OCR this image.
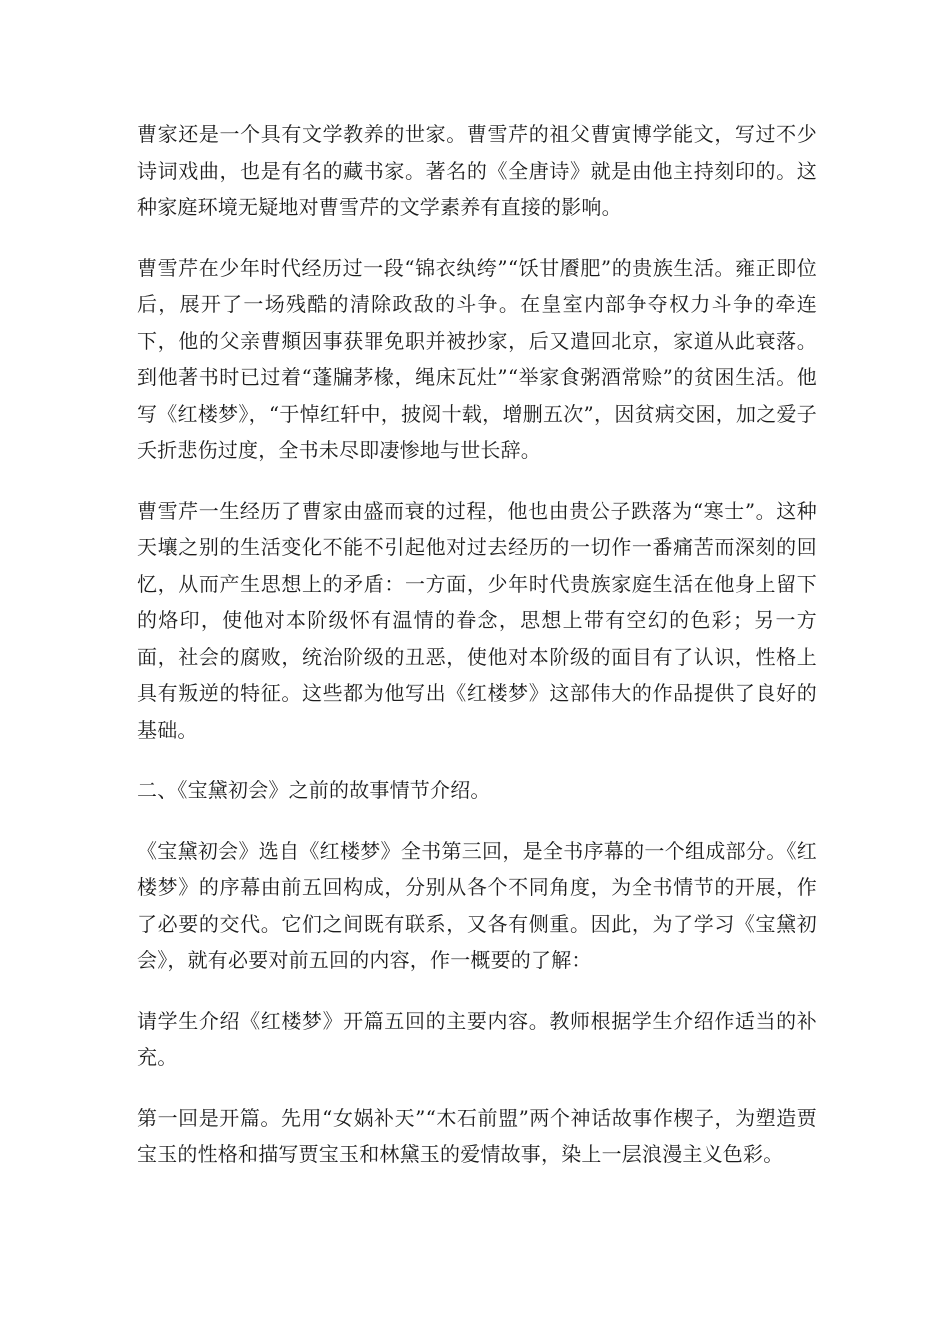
曹家还是一个具有文学教养的世家。曹雪芹的祖父曹寅博学能文，写过不少诗词戏曲，也是有名的藏书家。著名的《全唐诗》就是由他主持刻印的。这种家庭环境无疑地对曹雪芹的文学素养有直接的影响。

曹雪芹在少年时代经历过一段“锦衣纨绔”“饫甘餍肥”的贵族生活。雍正即位后，展开了一场残酷的清除政敌的斗争。在皇室内部争夺权力斗争的牵连下，他的父亲曹頫因事获罪免职并被抄家，后又遣回北京，家道从此衰落。到他著书时已过着“蓬牖茅椽，绳床瓦灶”“举家食粥酒常赊”的贫困生活。他写《红楼梦》，“于悼红轩中，披阅十载，增删五次”，因贫病交困，加之爱子夭折悲伤过度，全书未尽即凄惨地与世长辞。

曹雪芹一生经历了曹家由盛而衰的过程，他也由贵公子跌落为“寒士”。这种天壤之别的生活变化不能不引起他对过去经历的一切作一番痛苦而深刻的回忆，从而产生思想上的矛盾：一方面，少年时代贵族家庭生活在他身上留下的烙印，使他对本阶级怀有温情的眷念，思想上带有空幻的色彩；另一方面，社会的腐败，统治阶级的丑恶，使他对本阶级的面目有了认识，性格上具有叛逆的特征。这些都为他写出《红楼梦》这部伟大的作品提供了良好的基础。

二、《宝黛初会》之前的故事情节介绍。

《宝黛初会》选自《红楼梦》全书第三回，是全书序幕的一个组成部分。《红楼梦》的序幕由前五回构成，分别从各个不同角度，为全书情节的开展，作了必要的交代。它们之间既有联系，又各有侧重。因此，为了学习《宝黛初会》，就有必要对前五回的内容，作一概要的了解：

请学生介绍《红楼梦》开篇五回的主要内容。教师根据学生介绍作适当的补充。

第一回是开篇。先用“女娲补天”“木石前盟”两个神话故事作楔子，为塑造贾宝玉的性格和描写贾宝玉和林黛玉的爱情故事，染上一层浪漫主义色彩。
